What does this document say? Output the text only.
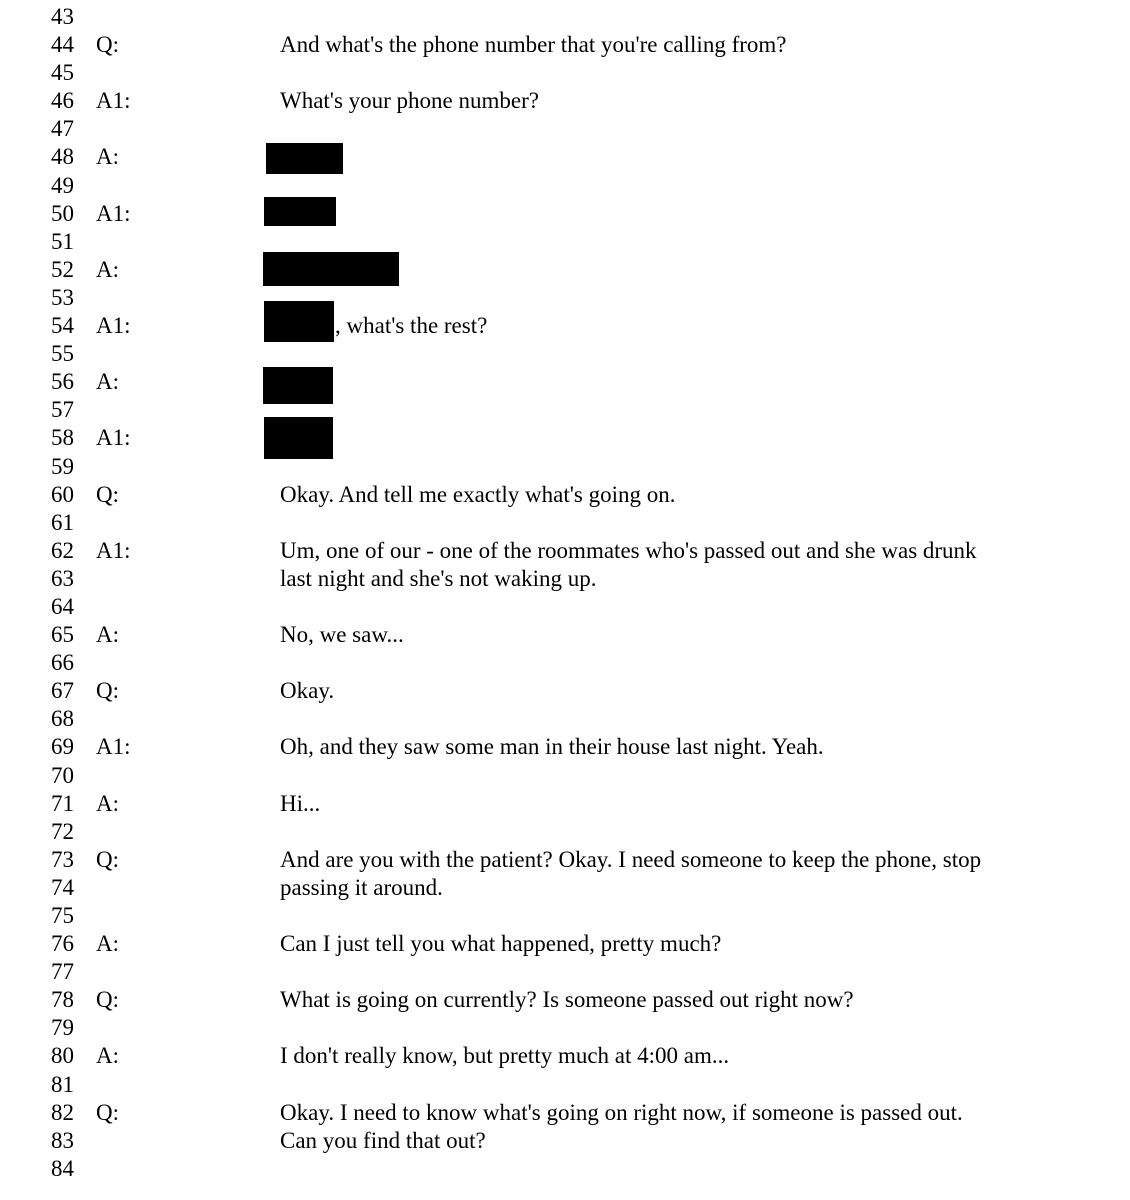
43
44 Q:	And what's the phone number that you're calling from?
45
46 A1:	What's your phone number?
47
48 A:
49
50 A1:
51
52 A:
53
54 A1:	, what's the rest?
55
56 A:
57
58 A1:
59
60 Q:	Okay. And tell me exactly what's going on.
61
62 A1:	Um, one of our - one of the roommates who's passed out and she was drunk
63	last night and she's not waking up.
64
65 A:	No, we saw...
66
67 Q:	Okay.
68
69 A1:	Oh, and they saw some man in their house last night. Yeah.
70
71 A:	Hi...
72
73 Q:	And are you with the patient? Okay. I need someone to keep the phone, stop
74	passing it around.
75
76 A:	Can I just tell you what happened, pretty much?
77
78 Q:	What is going on currently? Is someone passed out right now?
79
80 A:	I don't really know, but pretty much at 4:00 am...
81
82 Q:	Okay. I need to know what's going on right now, if someone is passed out.
83	Can you find that out?
84
